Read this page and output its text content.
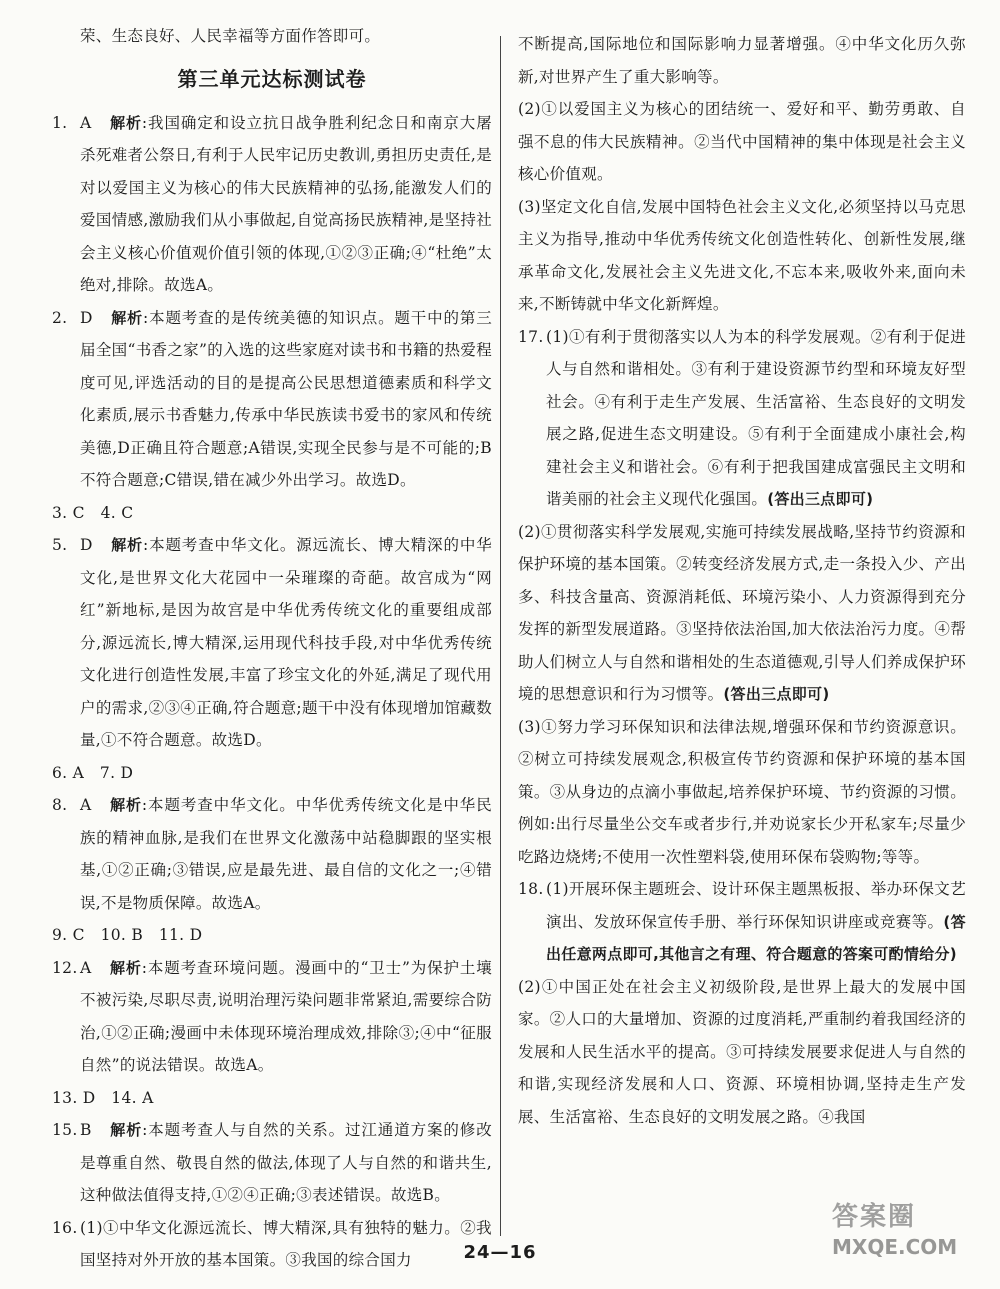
荣、生态良好、人民幸福等方面作答即可。
第三单元达标测试卷
1. A 解析:我国确定和设立抗日战争胜利纪念日和南京大屠杀死难者公祭日,有利于人民牢记历史教训,勇担历史责任,是对以爱国主义为核心的伟大民族精神的弘扬,能激发人们的爱国情感,激励我们从小事做起,自觉高扬民族精神,是坚持社会主义核心价值观价值引领的体现,①②③正确;④“杜绝”太绝对,排除。故选A。
2. D 解析:本题考查的是传统美德的知识点。题干中的第三届全国“书香之家”的入选的这些家庭对读书和书籍的热爱程度可见,评选活动的目的是提高公民思想道德素质和科学文化素质,展示书香魅力,传承中华民族读书爱书的家风和传统美德,D正确且符合题意;A错误,实现全民参与是不可能的;B不符合题意;C错误,错在减少外出学习。故选D。
3. C　4. C
5. D 解析:本题考查中华文化。源远流长、博大精深的中华文化,是世界文化大花园中一朵璀璨的奇葩。故宫成为“网红”新地标,是因为故宫是中华优秀传统文化的重要组成部分,源远流长,博大精深,运用现代科技手段,对中华优秀传统文化进行创造性发展,丰富了珍宝文化的外延,满足了现代用户的需求,②③④正确,符合题意;题干中没有体现增加馆藏数量,①不符合题意。故选D。
6. A　7. D
8. A 解析:本题考查中华文化。中华优秀传统文化是中华民族的精神血脉,是我们在世界文化激荡中站稳脚跟的坚实根基,①②正确;③错误,应是最先进、最自信的文化之一;④错误,不是物质保障。故选A。
9. C　10. B　11. D
12. A 解析:本题考查环境问题。漫画中的“卫士”为保护土壤不被污染,尽职尽责,说明治理污染问题非常紧迫,需要综合防治,①②正确;漫画中未体现环境治理成效,排除③;④中“征服自然”的说法错误。故选A。
13. D　14. A
15. B 解析:本题考查人与自然的关系。过江通道方案的修改是尊重自然、敬畏自然的做法,体现了人与自然的和谐共生,这种做法值得支持,①②④正确;③表述错误。故选B。
16. (1)①中华文化源远流长、博大精深,具有独特的魅力。②我国坚持对外开放的基本国策。③我国的综合国力
不断提高,国际地位和国际影响力显著增强。④中华文化历久弥新,对世界产生了重大影响等。
(2)①以爱国主义为核心的团结统一、爱好和平、勤劳勇敢、自强不息的伟大民族精神。②当代中国精神的集中体现是社会主义核心价值观。
(3)坚定文化自信,发展中国特色社会主义文化,必须坚持以马克思主义为指导,推动中华优秀传统文化创造性转化、创新性发展,继承革命文化,发展社会主义先进文化,不忘本来,吸收外来,面向未来,不断铸就中华文化新辉煌。
17. (1)①有利于贯彻落实以人为本的科学发展观。②有利于促进人与自然和谐相处。③有利于建设资源节约型和环境友好型社会。④有利于走生产发展、生活富裕、生态良好的文明发展之路,促进生态文明建设。⑤有利于全面建成小康社会,构建社会主义和谐社会。⑥有利于把我国建成富强民主文明和谐美丽的社会主义现代化强国。(答出三点即可)
(2)①贯彻落实科学发展观,实施可持续发展战略,坚持节约资源和保护环境的基本国策。②转变经济发展方式,走一条投入少、产出多、科技含量高、资源消耗低、环境污染小、人力资源得到充分发挥的新型发展道路。③坚持依法治国,加大依法治污力度。④帮助人们树立人与自然和谐相处的生态道德观,引导人们养成保护环境的思想意识和行为习惯等。(答出三点即可)
(3)①努力学习环保知识和法律法规,增强环保和节约资源意识。②树立可持续发展观念,积极宣传节约资源和保护环境的基本国策。③从身边的点滴小事做起,培养保护环境、节约资源的习惯。例如:出行尽量坐公交车或者步行,并劝说家长少开私家车;尽量少吃路边烧烤;不使用一次性塑料袋,使用环保布袋购物;等等。
18. (1)开展环保主题班会、设计环保主题黑板报、举办环保文艺演出、发放环保宣传手册、举行环保知识讲座或竞赛等。(答出任意两点即可,其他言之有理、符合题意的答案可酌情给分)
(2)①中国正处在社会主义初级阶段,是世界上最大的发展中国家。②人口的大量增加、资源的过度消耗,严重制约着我国经济的发展和人民生活水平的提高。③可持续发展要求促进人与自然的和谐,实现经济发展和人口、资源、环境相协调,坚持走生产发展、生活富裕、生态良好的文明发展之路。④我国
24—16
答案圈
MXQE.COM
